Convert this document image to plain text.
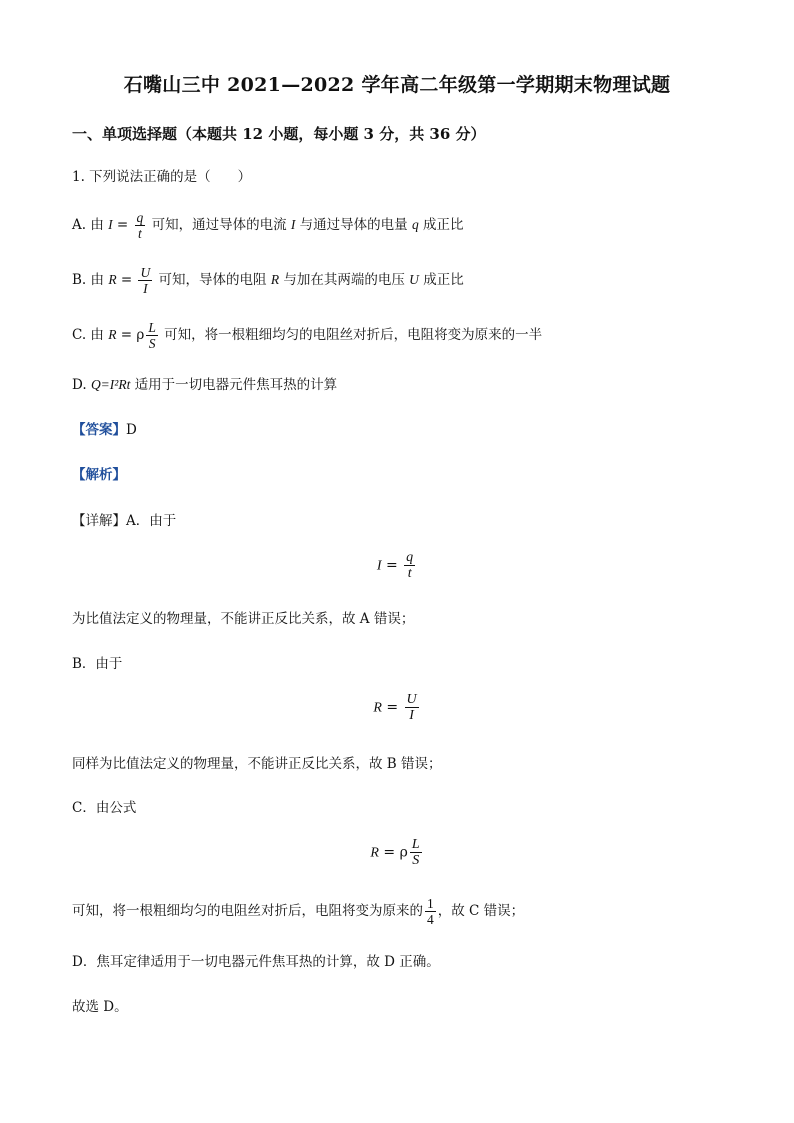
石嘴山三中 2021—2022 学年高二年级第一学期期末物理试题
一、单项选择题（本题共 12 小题，每小题 3 分，共 36 分）
1. 下列说法正确的是（　　）
A. 由 $I = \frac{q}{t}$ 可知，通过导体的电流 I 与通过导体的电量 q 成正比
B. 由 $R = \frac{U}{I}$ 可知，导体的电阻 R 与加在其两端的电压 U 成正比
C. 由 R = ρ $\frac{L}{S}$ 可知，将一根粗细均匀的电阻丝对折后，电阻将变为原来的一半
D. Q=I²Rt 适用于一切电器元件焦耳热的计算
【答案】D
【解析】
【详解】A．由于
$I = \frac{q}{t}$
为比值法定义的物理量，不能讲正反比关系，故 A 错误；
B．由于
$R = \frac{U}{I}$
同样为比值法定义的物理量，不能讲正反比关系，故 B 错误；
C．由公式
R = ρ $\frac{L}{S}$
可知，将一根粗细均匀的电阻丝对折后，电阻将变为原来的 $\frac{1}{4}$ ，故 C 错误；
D．焦耳定律适用于一切电器元件焦耳热的计算，故 D 正确。
故选 D。
